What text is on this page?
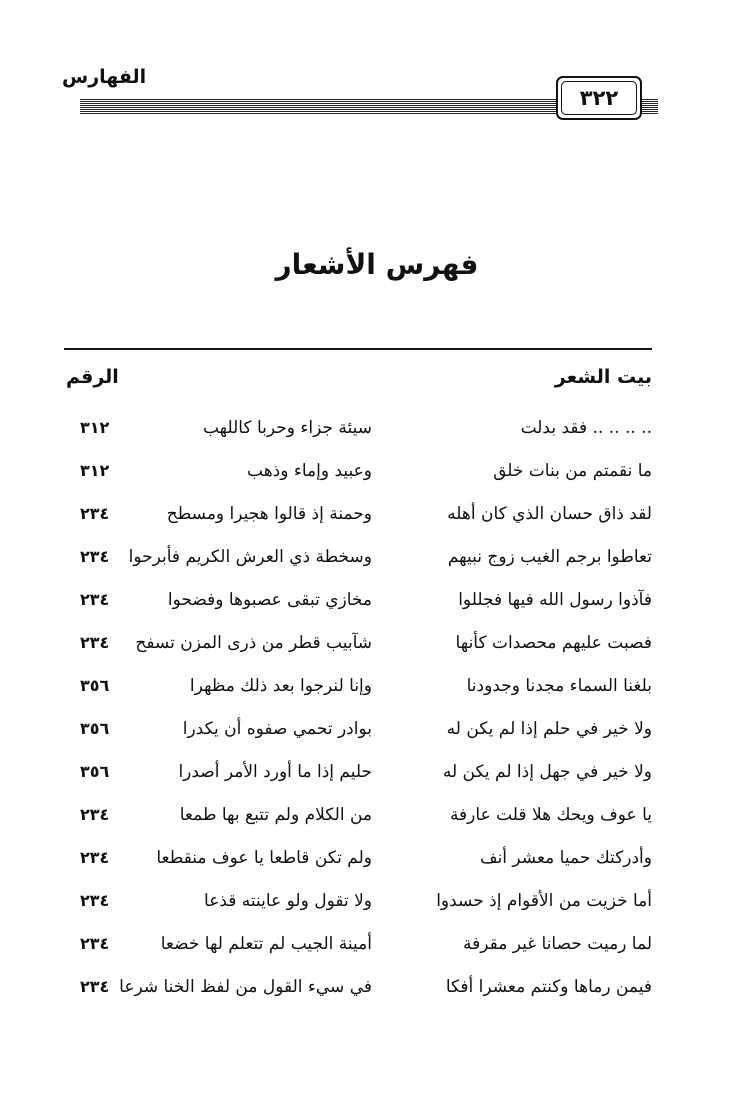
الفهارس
٣٢٢
فهرس الأشعار
بيت الشعر
الرقم
.. .. .. .. فقد بدلت
سيئة جزاء وحربا كاللهب
٣١٢
ما نقمتم من بنات خلق
وعبيد وإماء وذهب
٣١٢
لقد ذاق حسان الذي كان أهله
وحمنة إذ قالوا هجيرا ومسطح
٢٣٤
تعاطوا برجم الغيب زوج نبيهم
وسخطة ذي العرش الكريم فأبرحوا
٢٣٤
فآذوا رسول الله فيها فجللوا
مخازي تبقى عصبوها وفضحوا
٢٣٤
فصبت عليهم محصدات كأنها
شآبيب قطر من ذرى المزن تسفح
٢٣٤
بلغنا السماء مجدنا وجدودنا
وإنا لنرجوا بعد ذلك مظهرا
٣٥٦
ولا خير في حلم إذا لم يكن له
بوادر تحمي صفوه أن يكدرا
٣٥٦
ولا خير في جهل إذا لم يكن له
حليم إذا ما أورد الأمر أصدرا
٣٥٦
يا عوف ويحك هلا قلت عارفة
من الكلام ولم تتبع بها طمعا
٢٣٤
وأدركتك حميا معشر أنف
ولم تكن قاطعا يا عوف منقطعا
٢٣٤
أما خزيت من الأقوام إذ حسدوا
ولا تقول ولو عاينته قذعا
٢٣٤
لما رميت حصانا غير مقرفة
أمينة الجيب لم تتعلم لها خضعا
٢٣٤
فيمن رماها وكنتم معشرا أفكا
في سيء القول من لفظ الخنا شرعا
٢٣٤
